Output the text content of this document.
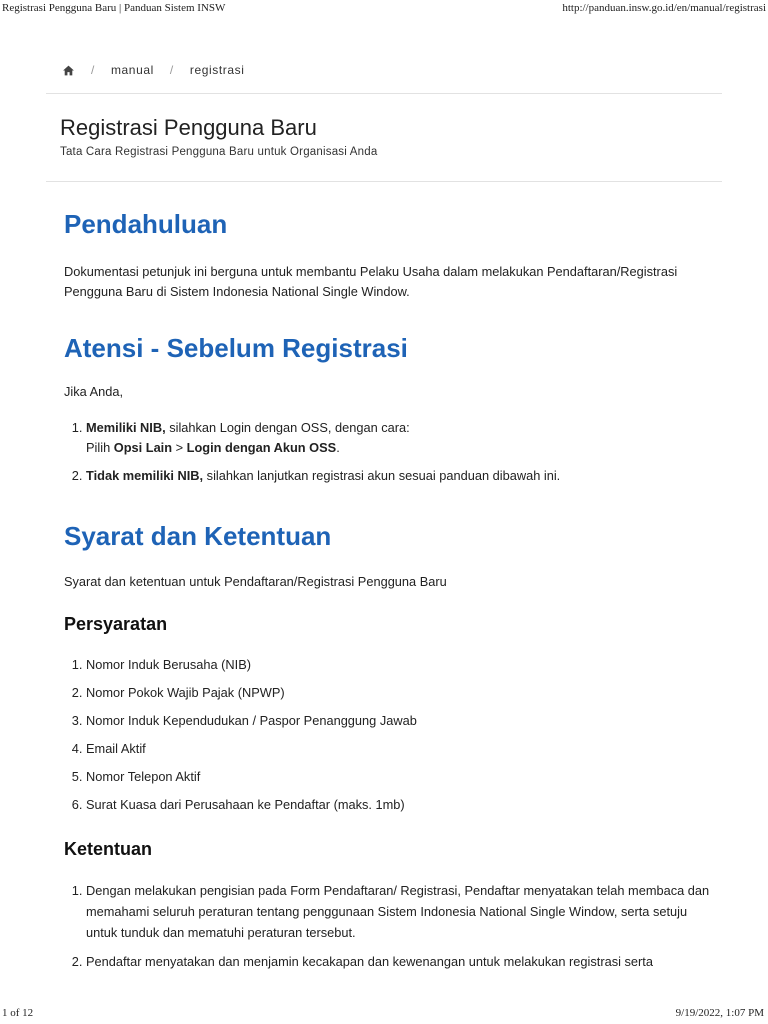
Registrasi Pengguna Baru | Panduan Sistem INSW	http://panduan.insw.go.id/en/manual/registrasi
/ manual / registrasi
Registrasi Pengguna Baru
Tata Cara Registrasi Pengguna Baru untuk Organisasi Anda
Pendahuluan

Dokumentasi petunjuk ini berguna untuk membantu Pelaku Usaha dalam melakukan Pendaftaran/Registrasi Pengguna Baru di Sistem Indonesia National Single Window.

Atensi - Sebelum Registrasi

Jika Anda,

1. Memiliki NIB, silahkan Login dengan OSS, dengan cara:
Pilih Opsi Lain > Login dengan Akun OSS.
2. Tidak memiliki NIB, silahkan lanjutkan registrasi akun sesuai panduan dibawah ini.
Syarat dan Ketentuan

Syarat dan ketentuan untuk Pendaftaran/Registrasi Pengguna Baru

Persyaratan
1. Nomor Induk Berusaha (NIB)
2. Nomor Pokok Wajib Pajak (NPWP)
3. Nomor Induk Kependudukan / Paspor Penanggung Jawab
4. Email Aktif
5. Nomor Telepon Aktif
6. Surat Kuasa dari Perusahaan ke Pendaftar (maks. 1mb)
Ketentuan
1. Dengan melakukan pengisian pada Form Pendaftaran/ Registrasi, Pendaftar menyatakan telah membaca dan memahami seluruh peraturan tentang penggunaan Sistem Indonesia National Single Window, serta setuju untuk tunduk dan mematuhi peraturan tersebut.
2. Pendaftar menyatakan dan menjamin kecakapan dan kewenangan untuk melakukan registrasi serta
1 of 12	9/19/2022, 1:07 PM
